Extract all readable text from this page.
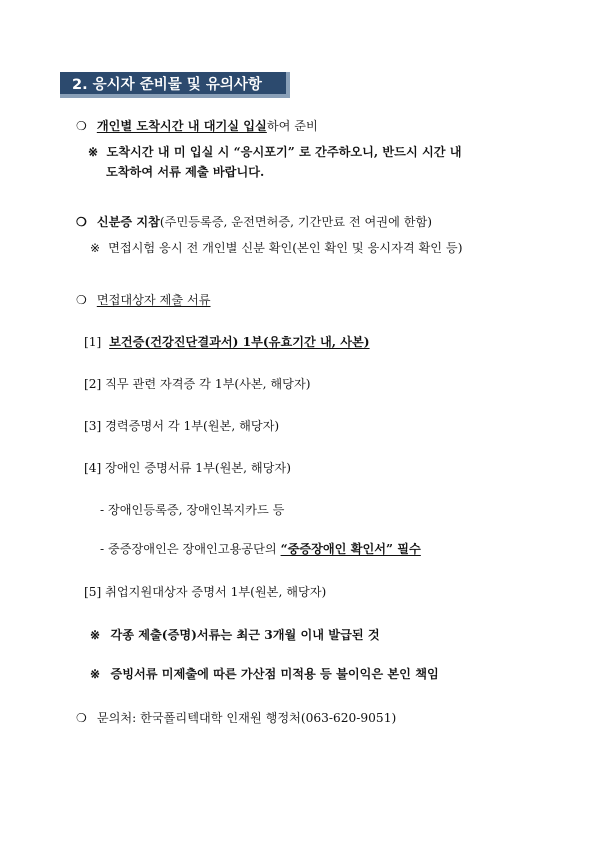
2. 응시자 준비물 및 유의사항
❍ 개인별 도착시간 내 대기실 입실하여 준비
※ 도착시간 내 미 입실 시 “응시포기” 로 간주하오니, 반드시 시간 내
도착하여 서류 제출 바랍니다.
❍ 신분증 지참(주민등록증, 운전면허증, 기간만료 전 여권에 한함)
※ 면접시험 응시 전 개인별 신분 확인(본인 확인 및 응시자격 확인 등)
❍ 면접대상자 제출 서류
[1] 보건증(건강진단결과서) 1부(유효기간 내, 사본)
[2] 직무 관련 자격증 각 1부(사본, 해당자)
[3] 경력증명서 각 1부(원본, 해당자)
[4] 장애인 증명서류 1부(원본, 해당자)
- 장애인등록증, 장애인복지카드 등
- 중증장애인은 장애인고용공단의 “중증장애인 확인서” 필수
[5] 취업지원대상자 증명서 1부(원본, 해당자)
※ 각종 제출(증명)서류는 최근 3개월 이내 발급된 것
※ 증빙서류 미제출에 따른 가산점 미적용 등 불이익은 본인 책임
❍ 문의처: 한국폴리텍대학 인재원 행정처(063-620-9051)
